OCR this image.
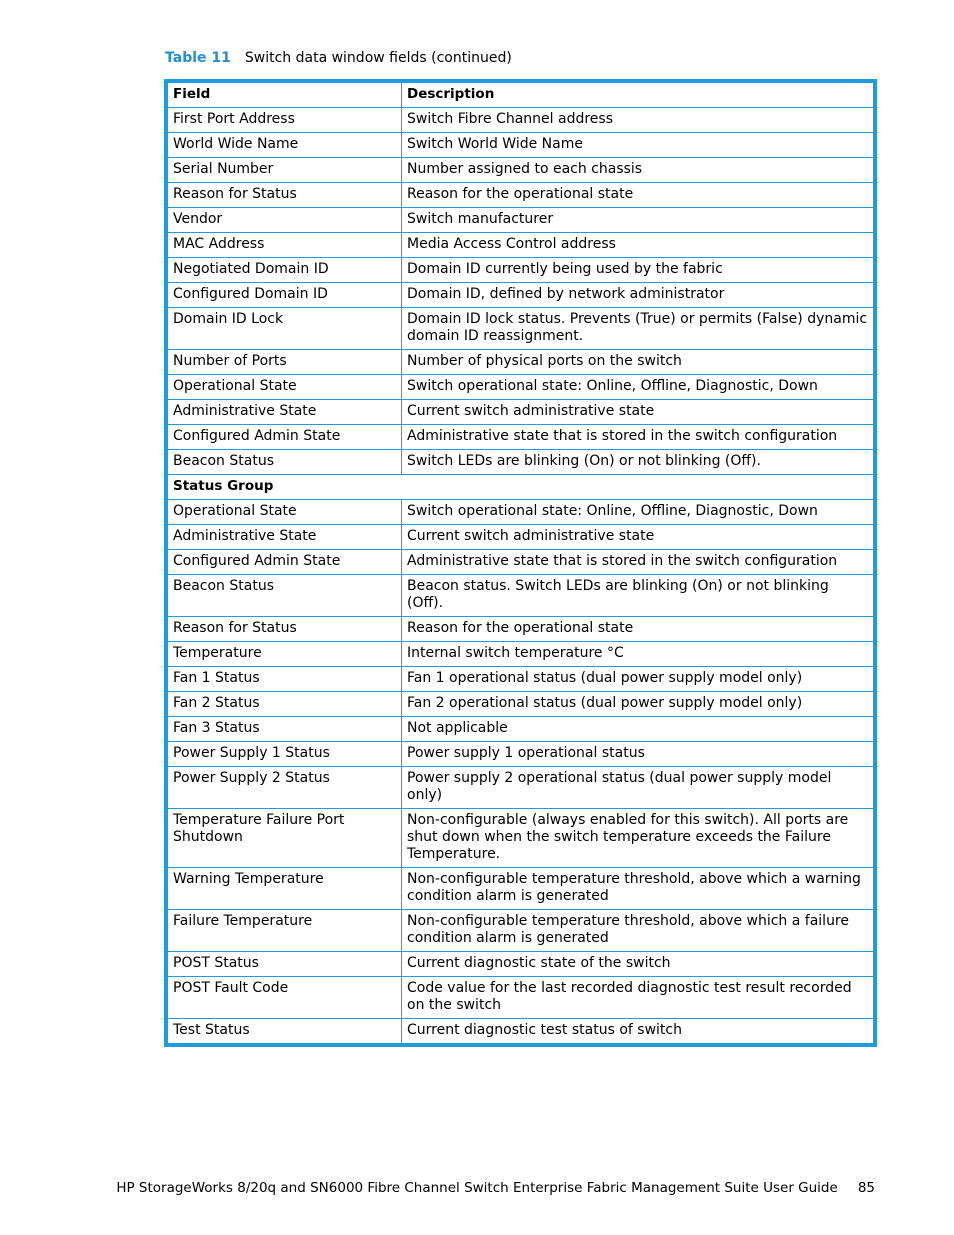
Table 11 Switch data window fields (continued)
Field	Description
First Port Address	Switch Fibre Channel address
World Wide Name	Switch World Wide Name
Serial Number	Number assigned to each chassis
Reason for Status	Reason for the operational state
Vendor	Switch manufacturer
MAC Address	Media Access Control address
Negotiated Domain ID	Domain ID currently being used by the fabric
Configured Domain ID	Domain ID, defined by network administrator
Domain ID Lock	Domain ID lock status. Prevents (True) or permits (False) dynamic domain ID reassignment.
Number of Ports	Number of physical ports on the switch
Operational State	Switch operational state: Online, Offline, Diagnostic, Down
Administrative State	Current switch administrative state
Configured Admin State	Administrative state that is stored in the switch configuration
Beacon Status	Switch LEDs are blinking (On) or not blinking (Off).
Status Group	
Operational State	Switch operational state: Online, Offline, Diagnostic, Down
Administrative State	Current switch administrative state
Configured Admin State	Administrative state that is stored in the switch configuration
Beacon Status	Beacon status. Switch LEDs are blinking (On) or not blinking (Off).
Reason for Status	Reason for the operational state
Temperature	Internal switch temperature °C
Fan 1 Status	Fan 1 operational status (dual power supply model only)
Fan 2 Status	Fan 2 operational status (dual power supply model only)
Fan 3 Status	Not applicable
Power Supply 1 Status	Power supply 1 operational status
Power Supply 2 Status	Power supply 2 operational status (dual power supply model only)
Temperature Failure Port Shutdown	Non-configurable (always enabled for this switch). All ports are shut down when the switch temperature exceeds the Failure Temperature.
Warning Temperature	Non-configurable temperature threshold, above which a warning condition alarm is generated
Failure Temperature	Non-configurable temperature threshold, above which a failure condition alarm is generated
POST Status	Current diagnostic state of the switch
POST Fault Code	Code value for the last recorded diagnostic test result recorded on the switch
Test Status	Current diagnostic test status of switch
HP StorageWorks 8/20q and SN6000 Fibre Channel Switch Enterprise Fabric Management Suite User Guide 85
